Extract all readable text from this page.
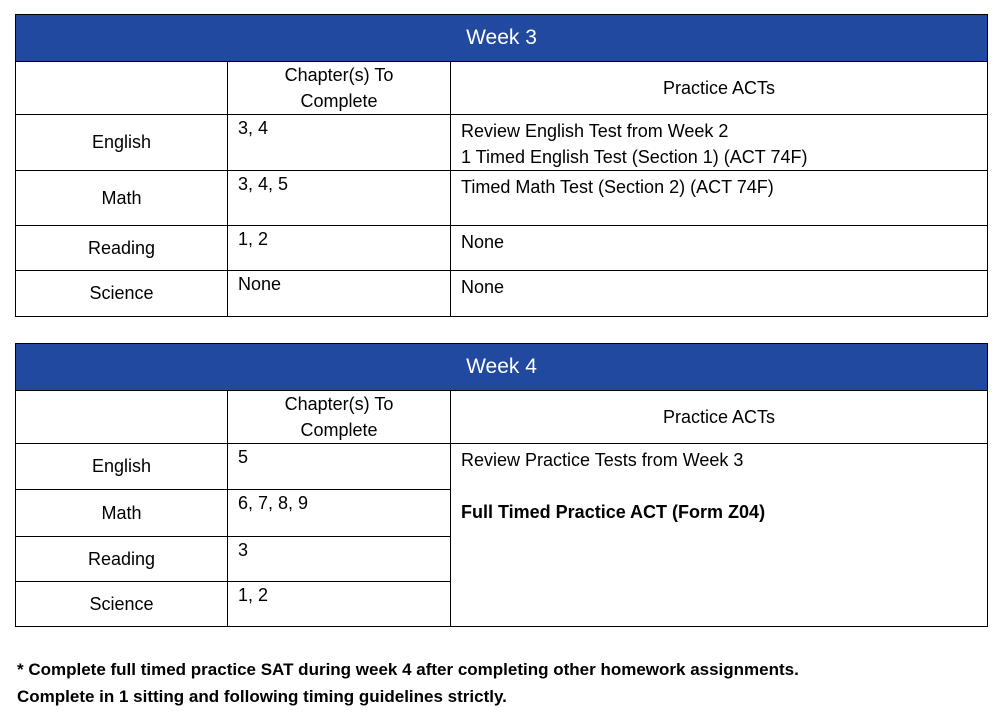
Week 3		

	Chapter(s) To Complete	Practice ACTs
English	3, 4	Review English Test from Week 2
1 Timed English Test (Section 1) (ACT 74F)

Math	3, 4, 5	Timed Math Test (Section 2) (ACT 74F)

Reading	1, 2	None

Science	None	None
Week 4		

	Chapter(s) To Complete	Practice ACTs
English	5	Review Practice Tests from Week 3
Full Timed Practice ACT (Form Z04)

Math	6, 7, 8, 9	
Reading	3	
Science	1, 2	
* Complete full timed practice SAT during week 4 after completing other homework assignments.
Complete in 1 sitting and following timing guidelines strictly.
